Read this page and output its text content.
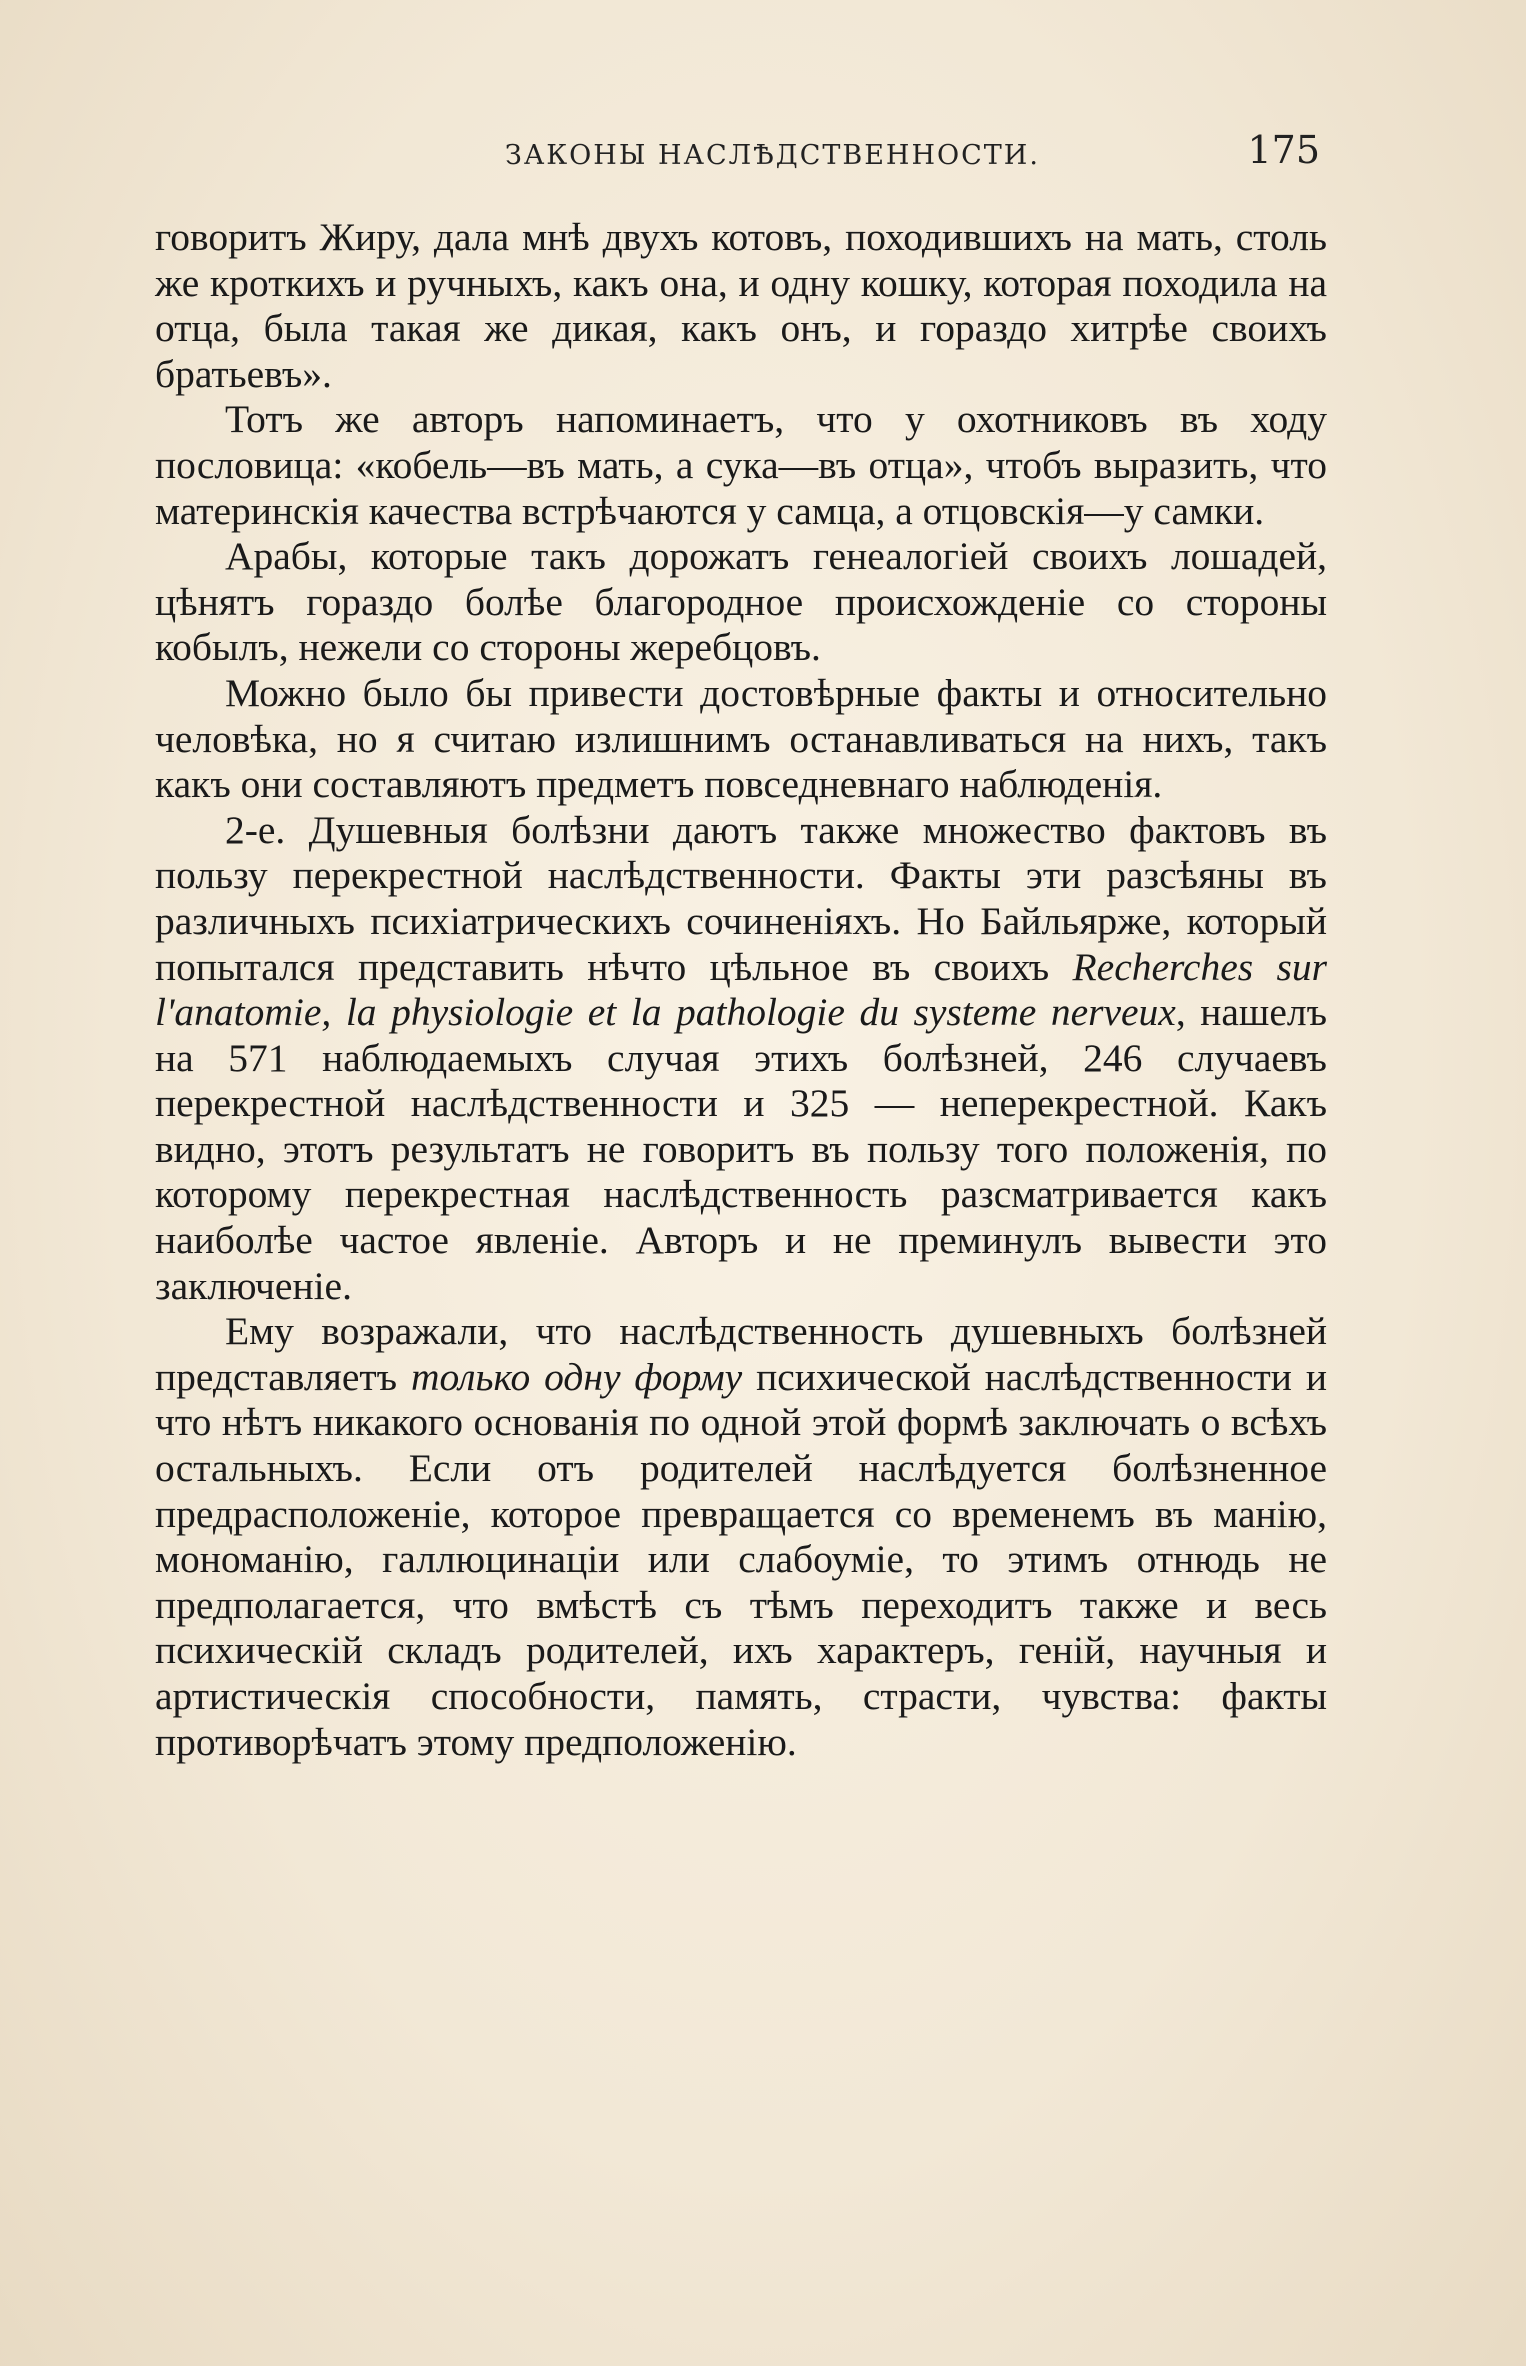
ЗАКОНЫ НАСЛѢДСТВЕННОСТИ.	175

говоритъ Жиру, дала мнѣ двухъ котовъ, походившихъ на мать, столь же кроткихъ и ручныхъ, какъ она, и одну кошку, которая походила на отца, была такая же дикая, какъ онъ, и гораздо хитрѣе своихъ братьевъ».

Тотъ же авторъ напоминаетъ, что у охотниковъ въ ходу пословица: «кобель—въ мать, а сука—въ отца», чтобъ выразить, что материнскія качества встрѣчаются у самца, а отцовскія—у самки.

Арабы, которые такъ дорожатъ генеалогіей своихъ лошадей, цѣнятъ гораздо болѣе благородное происхожденіе со стороны кобылъ, нежели со стороны жеребцовъ.

Можно было бы привести достовѣрные факты и относительно человѣка, но я считаю излишнимъ останавливаться на нихъ, такъ какъ они составляютъ предметъ повседневнаго наблюденія.

2-е. Душевныя болѣзни даютъ также множество фактовъ въ пользу перекрестной наслѣдственности. Факты эти разсѣяны въ различныхъ психіатрическихъ сочиненіяхъ. Но Байльярже, который попытался представить нѣчто цѣльное въ своихъ Recherches sur l'anatomie, la physiologie et la pathologie du systeme nerveux, нашелъ на 571 наблюдаемыхъ случая этихъ болѣзней, 246 случаевъ перекрестной наслѣдственности и 325 — неперекрестной. Какъ видно, этотъ результатъ не говоритъ въ пользу того положенія, по которому перекрестная наслѣдственность разсматривается какъ наиболѣе частое явленіе. Авторъ и не преминулъ вывести это заключеніе.

Ему возражали, что наслѣдственность душевныхъ болѣзней представляетъ только одну форму психической наслѣдственности и что нѣтъ никакого основанія по одной этой формѣ заключать о всѣхъ остальныхъ. Если отъ родителей наслѣдуется болѣзненное предрасположеніе, которое превращается со временемъ въ манію, мономанію, галлюцинаціи или слабоуміе, то этимъ отнюдь не предполагается, что вмѣстѣ съ тѣмъ переходитъ также и весь психическій складъ родителей, ихъ характеръ, геній, научныя и артистическія способности, память, страсти, чувства: факты противорѣчатъ этому предположенію.
